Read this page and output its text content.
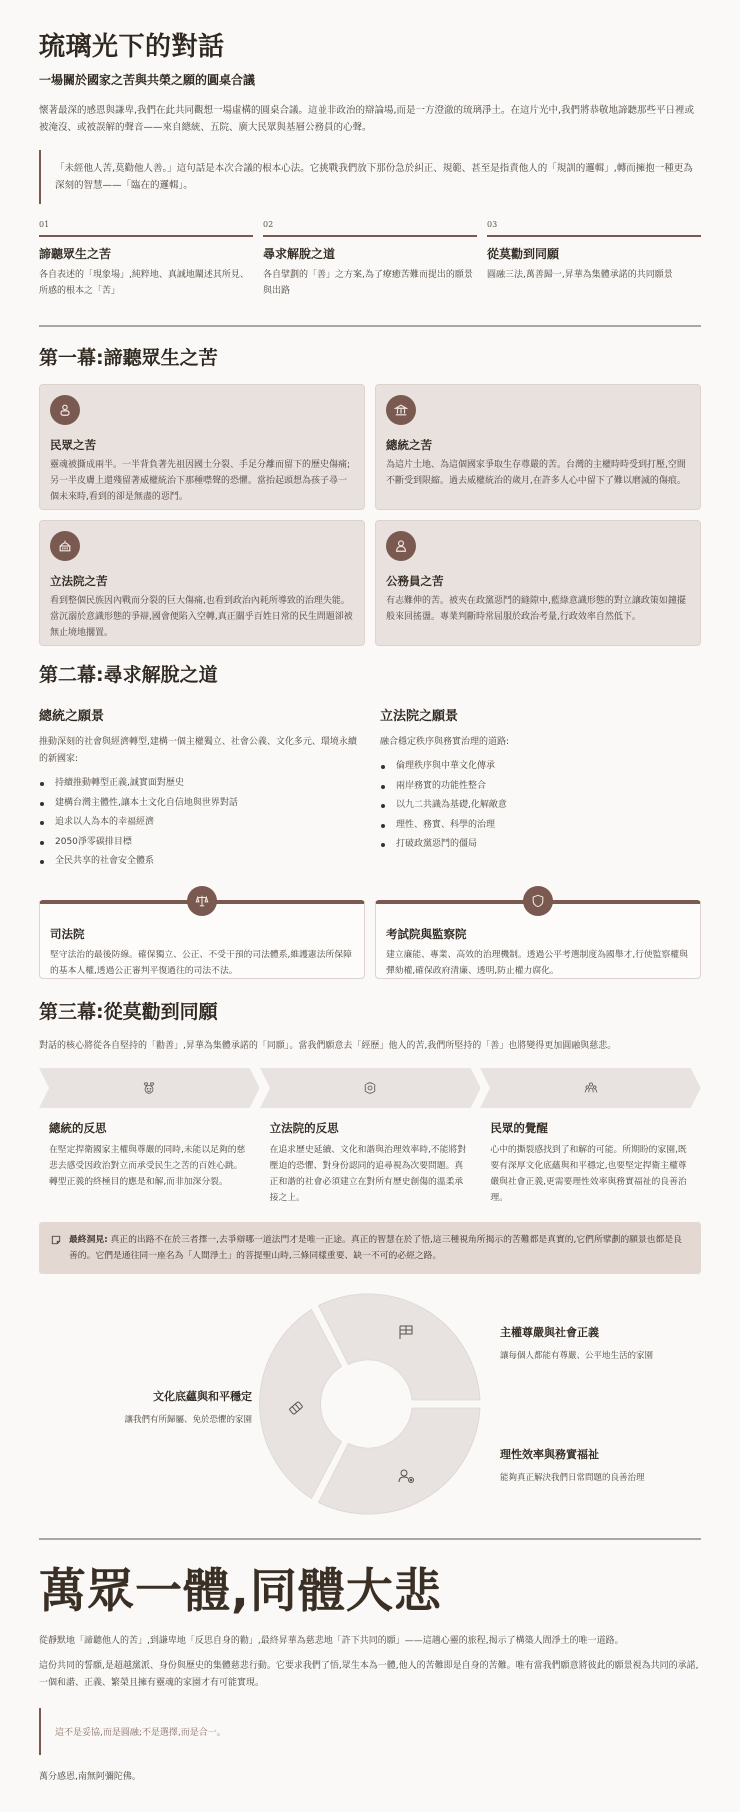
琉璃光下的對話
一場關於國家之苦與共榮之願的圓桌合議

懷著最深的感恩與謙卑,我們在此共同觀想一場虛構的圓桌合議。這並非政治的辯論場,而是一方澄澈的琉璃淨土。在這片光中,我們將恭敬地諦聽那些平日裡或被淹沒、或被誤解的聲音——來自總統、五院、廣大民眾與基層公務員的心聲。

「未經他人苦,莫勸他人善。」這句話是本次合議的根本心法。它挑戰我們放下那份急於糾正、規範、甚至是指責他人的「規訓的邏輯」,轉而擁抱一種更為深刻的智慧——「臨在的邏輯」。
01
諦聽眾生之苦
各自表述的「現象場」,純粹地、真誠地闡述其所見、所感的根本之「苦」
02
尋求解脫之道
各自擘劃的「善」之方案,為了療癒苦難而提出的願景與出路
03
從莫勸到同願
圓融三法,萬善歸一,昇華為集體承諾的共同願景
第一幕:諦聽眾生之苦
民眾之苦
靈魂被撕成兩半。一半背負著先祖因國土分裂、手足分離而留下的歷史傷痛;另一半皮膚上還殘留著威權統治下那種噤聲的恐懼。當抬起頭想為孩子尋一個未來時,看到的卻是無盡的惡鬥。
總統之苦
為這片土地、為這個國家爭取生存尊嚴的苦。台灣的主權時時受到打壓,空間不斷受到限縮。過去威權統治的歲月,在許多人心中留下了難以磨滅的傷痕。
立法院之苦
看到整個民族因內戰而分裂的巨大傷痛,也看到政治內耗所導致的治理失能。當沉溺於意識形態的爭辯,國會便陷入空轉,真正關乎百姓日常的民生問題卻被無止境地擱置。
公務員之苦
有志難伸的苦。被夾在政黨惡鬥的縫隙中,藍綠意識形態的對立讓政策如鐘擺般來回搖盪。專業判斷時常屈服於政治考量,行政效率自然低下。
第二幕:尋求解脫之道
總統之願景
推動深刻的社會與經濟轉型,建構一個主權獨立、社會公義、文化多元、環境永續的新國家:
持續推動轉型正義,誠實面對歷史
建構台灣主體性,讓本土文化自信地與世界對話
追求以人為本的幸福經濟
2050淨零碳排目標
全民共享的社會安全體系
立法院之願景
融合穩定秩序與務實治理的道路:
倫理秩序與中華文化傳承
兩岸務實的功能性整合
以九二共識為基礎,化解敵意
理性、務實、科學的治理
打破政黨惡鬥的僵局
司法院
堅守法治的最後防線。確保獨立、公正、不受干預的司法體系,維護憲法所保障的基本人權,透過公正審判平復過往的司法不法。
考試院與監察院
建立廉能、專業、高效的治理機制。透過公平考選制度為國舉才,行使監察權與彈劾權,確保政府清廉、透明,防止權力腐化。
第三幕:從莫勸到同願

對話的核心將從各自堅持的「勸善」,昇華為集體承諾的「同願」。當我們願意去「經歷」他人的苦,我們所堅持的「善」也將變得更加圓融與慈悲。

總統的反思
在堅定捍衛國家主權與尊嚴的同時,未能以足夠的慈悲去感受因政治對立而承受民生之苦的百姓心跳。轉型正義的終極目的應是和解,而非加深分裂。
立法院的反思
在追求歷史延續、文化和諧與治理效率時,不能將對壓迫的恐懼、對身份認同的追尋視為次要問題。真正和諧的社會必須建立在對所有歷史創傷的溫柔承接之上。
民眾的覺醒
心中的撕裂感找到了和解的可能。所期盼的家園,既要有深厚文化底蘊與和平穩定,也要堅定捍衛主權尊嚴與社會正義,更需要理性效率與務實福祉的良善治理。

最終洞見: 真正的出路不在於三者擇一,去爭辯哪一道法門才是唯一正途。真正的智慧在於了悟,這三種視角所揭示的苦難都是真實的,它們所擘劃的願景也都是良善的。它們是通往同一座名為「人間淨土」的菩提聖山時,三條同樣重要、缺一不可的必經之路。

主權尊嚴與社會正義
讓每個人都能有尊嚴、公平地生活的家園
理性效率與務實福祉
能夠真正解決我們日常問題的良善治理
文化底蘊與和平穩定
讓我們有所歸屬、免於恐懼的家園
萬眾一體,同體大悲

從靜默地「諦聽他人的苦」,到謙卑地「反思自身的勸」,最終昇華為慈悲地「許下共同的願」——這趟心靈的旅程,揭示了構築人間淨土的唯一道路。

這份共同的誓願,是超越黨派、身份與歷史的集體慈悲行動。它要求我們了悟,眾生本為一體,他人的苦難即是自身的苦難。唯有當我們願意將彼此的願景視為共同的承諾,一個和諧、正義、繁榮且擁有靈魂的家園才有可能實現。

這不是妥協,而是圓融;不是選擇,而是合一。

萬分感恩,南無阿彌陀佛。
